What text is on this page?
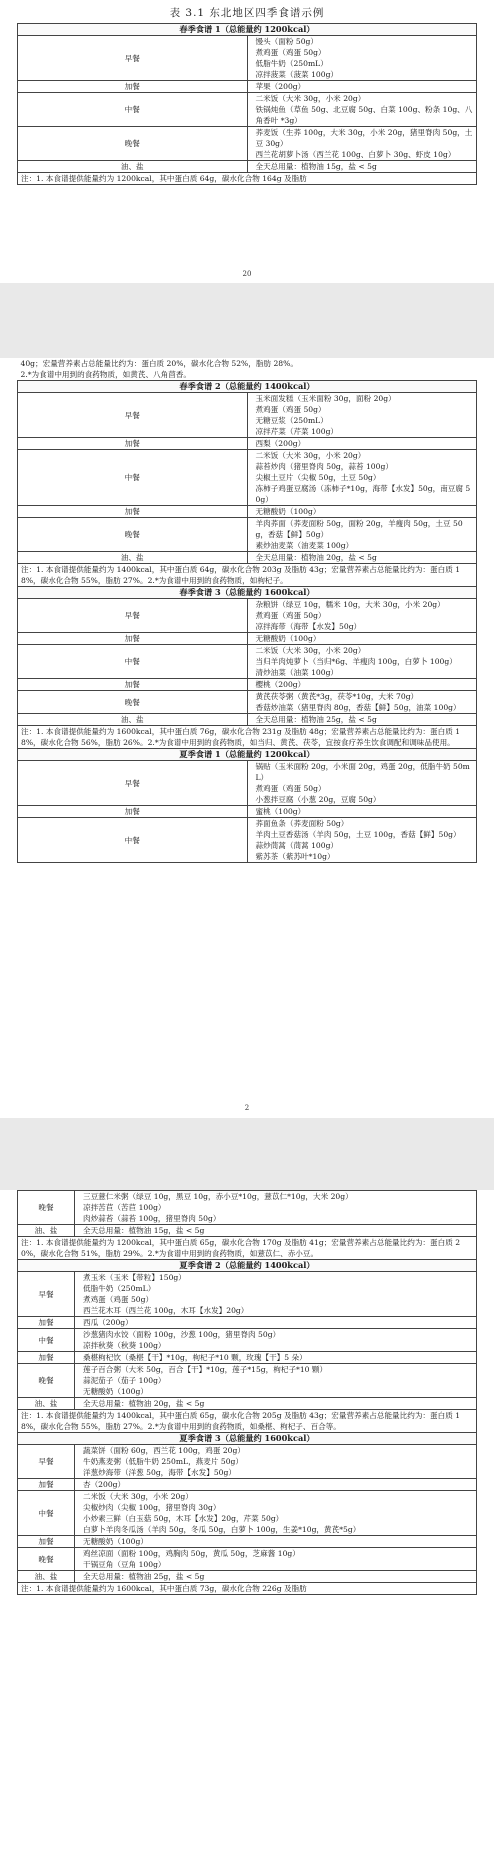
表 3.1 东北地区四季食谱示例
春季食谱 1（总能量约 1200kcal）	
早餐	馒头（面粉 50g）
煮鸡蛋（鸡蛋 50g）
低脂牛奶（250mL）
凉拌菠菜（菠菜 100g）

加餐	苹果（200g）

中餐	二米饭（大米 30g，小米 20g）
铁锅炖鱼（草鱼 50g、北豆腐 50g、白菜 100g、粉条 10g、八角香叶 *3g）

晚餐	荞麦饭（生荞 100g，大米 30g，小米 20g，猪里脊肉 50g，土豆 30g）
西兰花胡萝卜汤（西兰花 100g、白萝卜 30g、虾皮 10g）

油、盐	全天总用量：植物油 15g，盐 < 5g

注：1. 本食谱提供能量约为 1200kcal，其中蛋白质 64g，碳水化合物 164g 及脂肪	
20
40g；宏量营养素占总能量比约为：蛋白质 20%，碳水化合物 52%，脂肪 28%。
2.*为食谱中用到的食药物质，如黄芪、八角茴香。	

春季食谱 2（总能量约 1400kcal）	
早餐	玉米面发糕（玉米面粉 30g，面粉 20g）
煮鸡蛋（鸡蛋 50g）
无糖豆浆（250mL）
凉拌芹菜（芹菜 100g）

加餐	西梨（200g）

中餐	二米饭（大米 30g，小米 20g）
蒜苔炒肉（猪里脊肉 50g，蒜苔 100g）
尖椒土豆片（尖椒 50g，土豆 50g）
冻柿子鸡蛋豆腐汤（冻柿子*10g，海带【水发】50g，南豆腐 50g）

加餐	无糖酸奶（100g）

晚餐	羊肉荞面（荞麦面粉 50g，面粉 20g，羊瘦肉 50g，土豆 50g，香菇【鲜】50g）
素炒油麦菜（油麦菜 100g）

油、盐	全天总用量：植物油 20g，盐 < 5g

注：1. 本食谱提供能量约为 1400kcal，其中蛋白质 64g，碳水化合物 203g 及脂肪 43g；宏量营养素占总能量比约为：蛋白质 18%，碳水化合物 55%，脂肪 27%。2.*为食谱中用到的食药物质，如枸杞子。	

春季食谱 3（总能量约 1600kcal）	
早餐	杂粮饼（绿豆 10g，糯米 10g，大米 30g，小米 20g）
煮鸡蛋（鸡蛋 50g）
凉拌海带（海带【水发】50g）

加餐	无糖酸奶（100g）

中餐	二米饭（大米 30g，小米 20g）
当归羊肉炖萝卜（当归*6g、羊瘦肉 100g，白萝卜 100g）
清炒油菜（油菜 100g）

加餐	樱桃（200g）

晚餐	黄芪茯苓粥（黄芪*3g，茯苓*10g，大米 70g）
香菇炒油菜（猪里脊肉 80g，香菇【鲜】50g，油菜 100g）

油、盐	全天总用量：植物油 25g，盐 < 5g

注：1. 本食谱提供能量约为 1600kcal，其中蛋白质 76g，碳水化合物 231g 及脂肪 48g；宏量营养素占总能量比约为：蛋白质 18%，碳水化合物 56%，脂肪 26%。2.*为食谱中用到的食药物质，如当归、黄芪、茯苓，宜按食疗养生饮食调配和调味品使用。	

夏季食谱 1（总能量约 1200kcal）	
早餐	锅贴（玉米面粉 20g，小米面 20g，鸡蛋 20g，低脂牛奶 50mL）
煮鸡蛋（鸡蛋 50g）
小葱拌豆腐（小葱 20g，豆腐 50g）

加餐	蜜桃（100g）

中餐	荞面鱼条（荞麦面粉 50g）
羊肉土豆香菇汤（羊肉 50g，土豆 100g，香菇【鲜】50g）
蒜炒茼蒿（茼蒿 100g）
紫苏茶（紫苏叶*10g）
2
晚餐	三豆薏仁米粥（绿豆 10g，黑豆 10g，赤小豆*10g，薏苡仁*10g，大米 20g）
凉拌苦苣（苦苣 100g）
肉炒蒜苔（蒜苔 100g，猪里脊肉 50g）

油、盐	全天总用量：植物油 15g，盐 < 5g

注：1. 本食谱提供能量约为 1200kcal，其中蛋白质 65g，碳水化合物 170g 及脂肪 41g；宏量营养素占总能量比约为：蛋白质 20%，碳水化合物 51%，脂肪 29%。2.*为食谱中用到的食药物质，如薏苡仁、赤小豆。	

夏季食谱 2（总能量约 1400kcal）	
早餐	煮玉米（玉米【带粒】150g）
低脂牛奶（250mL）
煮鸡蛋（鸡蛋 50g）
西兰花木耳（西兰花 100g，木耳【水发】20g）

加餐	西瓜（200g）

中餐	沙葱猪肉水饺（面粉 100g，沙葱 100g，猪里脊肉 50g）
凉拌秋葵（秋葵 100g）

加餐	桑椹枸杞饮（桑椹【干】*10g，枸杞子*10 颗，玫瑰【干】5 朵）

晚餐	莲子百合粥（大米 50g，百合【干】*10g，莲子*15g，枸杞子*10 颗）
蒜泥茄子（茄子 100g）
无糖酸奶（100g）

油、盐	全天总用量：植物油 20g，盐 < 5g

注：1. 本食谱提供能量约为 1400kcal，其中蛋白质 65g，碳水化合物 205g 及脂肪 43g；宏量营养素占总能量比约为：蛋白质 18%，碳水化合物 55%，脂肪 27%。2.*为食谱中用到的食药物质，如桑椹、枸杞子、百合等。	

夏季食谱 3（总能量约 1600kcal）	
早餐	蔬菜饼（面粉 60g，西兰花 100g，鸡蛋 20g）
牛奶燕麦粥（低脂牛奶 250mL，燕麦片 50g）
洋葱炒海带（洋葱 50g，海带【水发】50g）

加餐	杏（200g）

中餐	二米饭（大米 30g，小米 20g）
尖椒炒肉（尖椒 100g，猪里脊肉 30g）
小炒素三鲜（白玉菇 50g，木耳【水发】20g，芹菜 50g）
白萝卜羊肉冬瓜汤（羊肉 50g，冬瓜 50g，白萝卜 100g，生姜*10g，黄芪*5g）

加餐	无糖酸奶（100g）

晚餐	鸡丝凉面（面粉 100g，鸡胸肉 50g，黄瓜 50g，芝麻酱 10g）
干锅豆角（豆角 100g）

油、盐	全天总用量：植物油 25g，盐 < 5g

注：1. 本食谱提供能量约为 1600kcal，其中蛋白质 73g，碳水化合物 226g 及脂肪	
